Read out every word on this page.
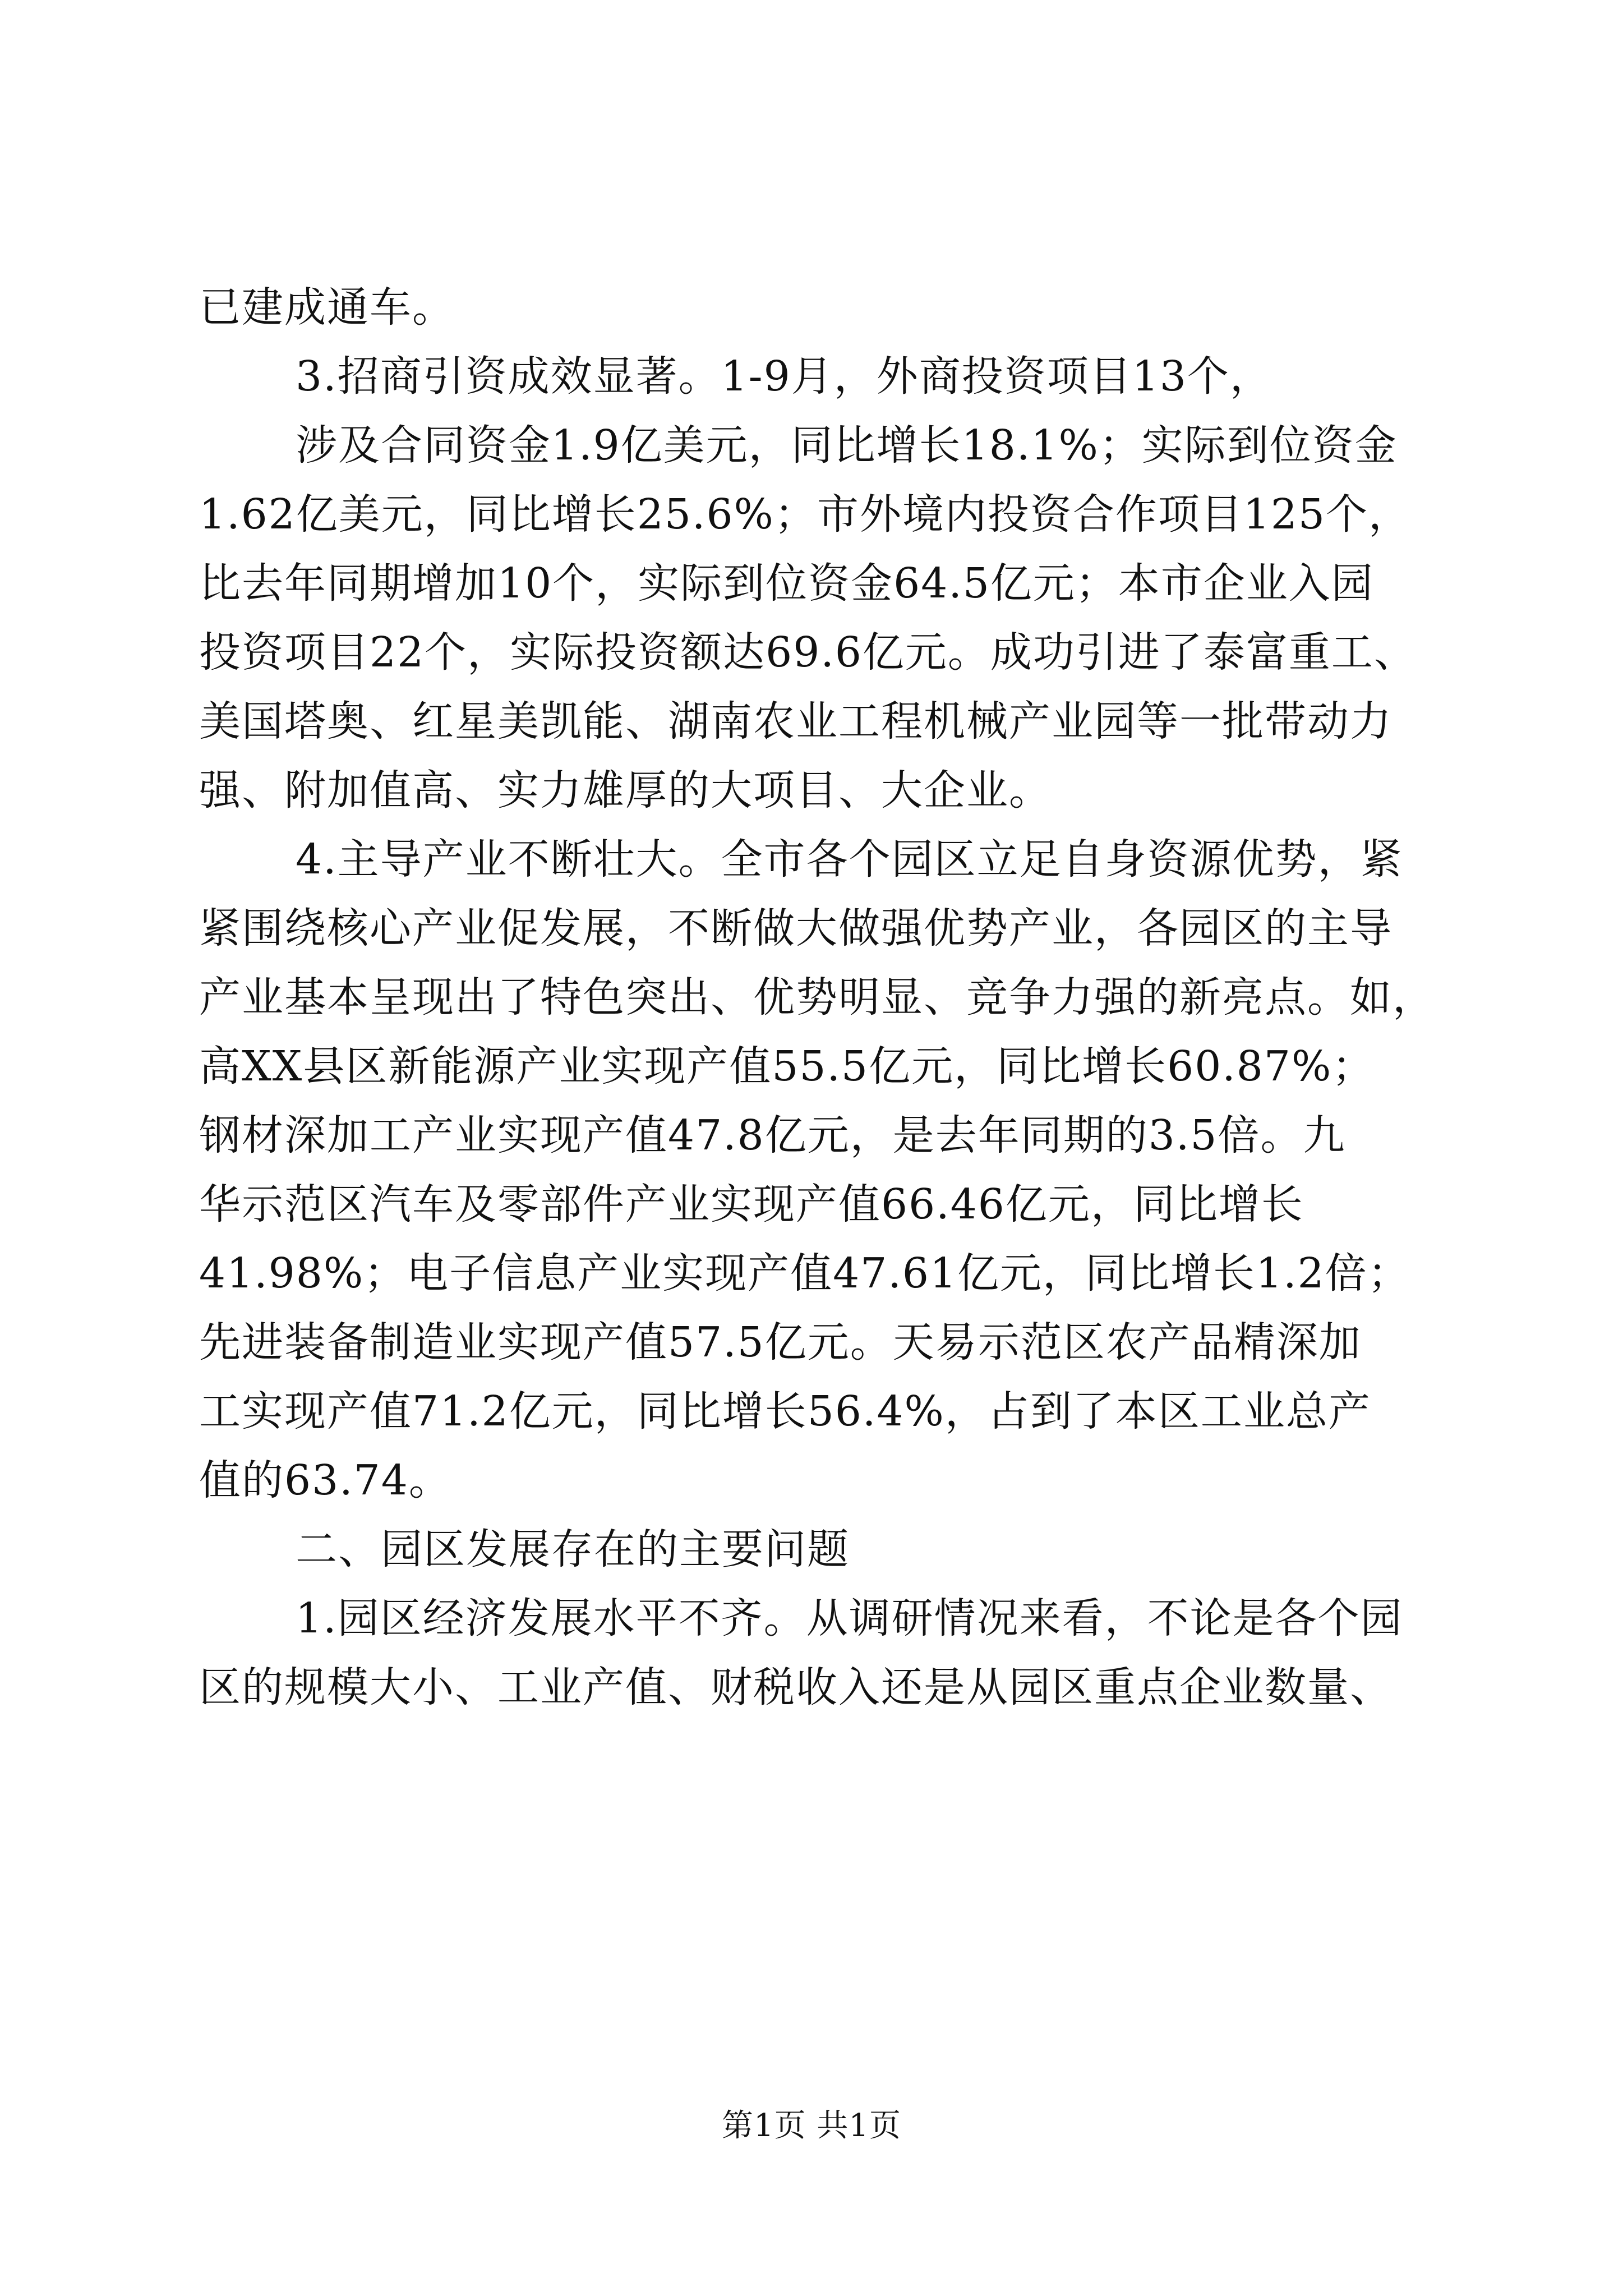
已建成通车。
3.招商引资成效显著。1-9月，外商投资项目13个，
涉及合同资金1.9亿美元，同比增长18.1%；实际到位资金
1.62亿美元，同比增长25.6%；市外境内投资合作项目125个，
比去年同期增加10个，实际到位资金64.5亿元；本市企业入园
投资项目22个，实际投资额达69.6亿元。成功引进了泰富重工、
美国塔奥、红星美凯能、湖南农业工程机械产业园等一批带动力
强、附加值高、实力雄厚的大项目、大企业。
4.主导产业不断壮大。全市各个园区立足自身资源优势，紧
紧围绕核心产业促发展，不断做大做强优势产业，各园区的主导
产业基本呈现出了特色突出、优势明显、竞争力强的新亮点。如，
高XX县区新能源产业实现产值55.5亿元，同比增长60.87%；
钢材深加工产业实现产值47.8亿元，是去年同期的3.5倍。九
华示范区汽车及零部件产业实现产值66.46亿元，同比增长
41.98%；电子信息产业实现产值47.61亿元，同比增长1.2倍；
先进装备制造业实现产值57.5亿元。天易示范区农产品精深加
工实现产值71.2亿元，同比增长56.4%，占到了本区工业总产
值的63.74。
二、园区发展存在的主要问题
1.园区经济发展水平不齐。从调研情况来看，不论是各个园
区的规模大小、工业产值、财税收入还是从园区重点企业数量、
第1页 共1页
